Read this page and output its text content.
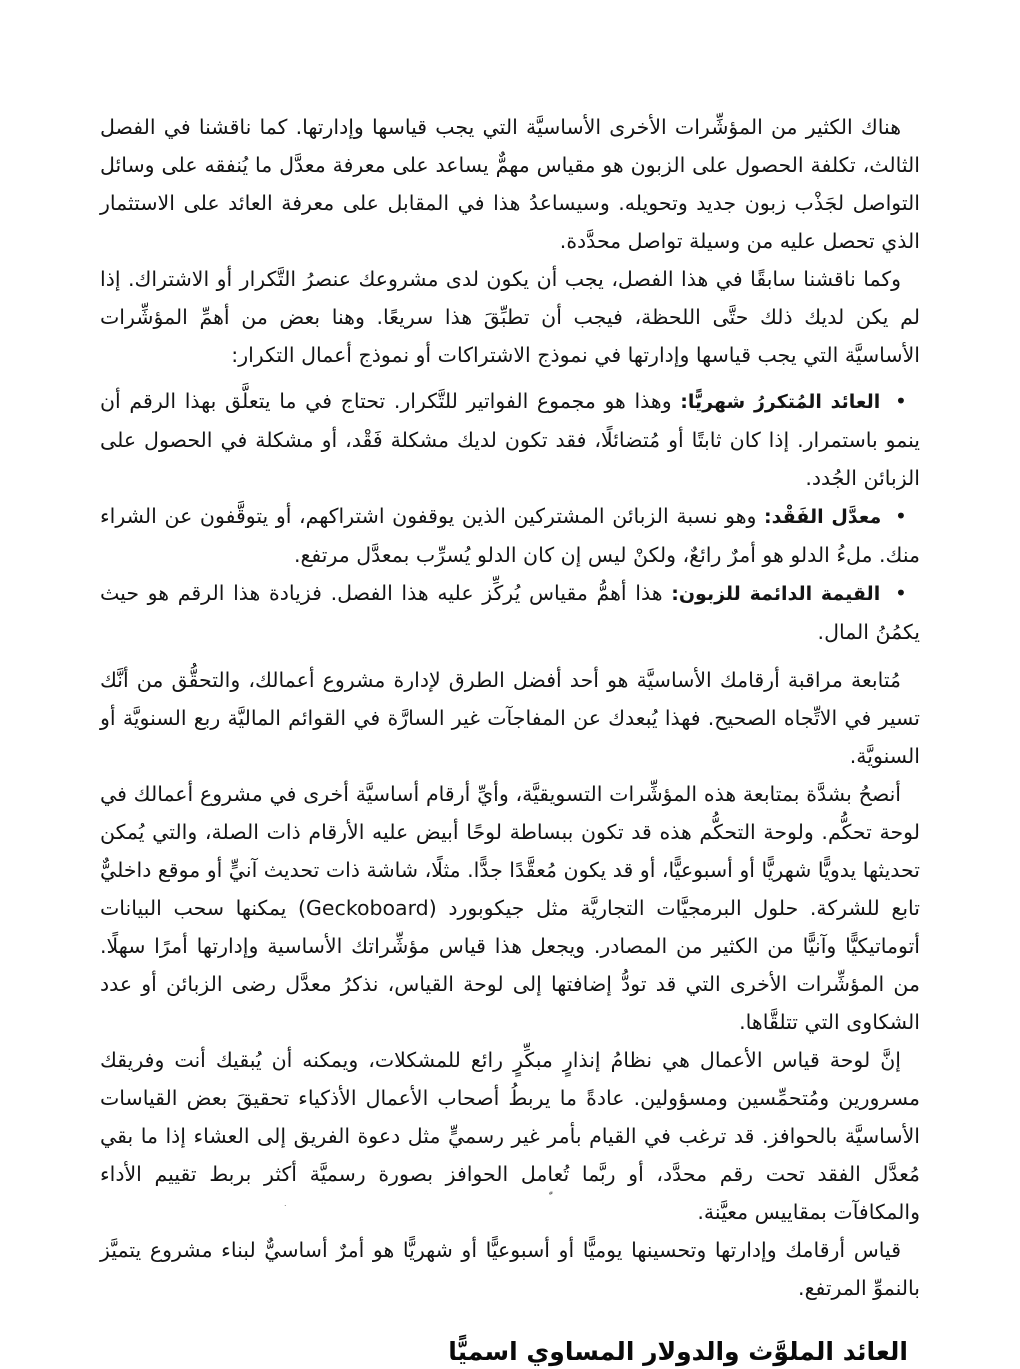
هناك الكثير من المؤشِّرات الأخرى الأساسيَّة التي يجب قياسها وإدارتها. كما ناقشنا في الفصل الثالث، تكلفة الحصول على الزبون هو مقياس مهمٌّ يساعد على معرفة معدَّل ما يُنفقه على وسائل التواصل لجَذْب زبون جديد وتحويله. وسيساعدُ هذا في المقابل على معرفة العائد على الاستثمار الذي تحصل عليه من وسيلة تواصل محدَّدة.

وكما ناقشنا سابقًا في هذا الفصل، يجب أن يكون لدى مشروعك عنصرُ التَّكرار أو الاشتراك. إذا لم يكن لديك ذلك حتَّى اللحظة، فيجب أن تطبِّقَ هذا سريعًا. وهنا بعض من أهمِّ المؤشِّرات الأساسيَّة التي يجب قياسها وإدارتها في نموذج الاشتراكات أو نموذج أعمال التكرار:

• العائد المُتكررُ شهريًّا: وهذا هو مجموع الفواتير للتَّكرار. تحتاج في ما يتعلَّق بهذا الرقم أن ينمو باستمرار. إذا كان ثابتًا أو مُتضائلًا، فقد تكون لديك مشكلة فَقْد، أو مشكلة في الحصول على الزبائن الجُدد.
• معدَّل الفَقْد: وهو نسبة الزبائن المشتركين الذين يوقفون اشتراكهم، أو يتوقَّفون عن الشراء منك. ملءُ الدلو هو أمرٌ رائعٌ، ولكنْ ليس إن كان الدلو يُسرِّب بمعدَّل مرتفع.
• القيمة الدائمة للزبون: هذا أهمُّ مقياس يُركِّز عليه هذا الفصل. فزيادة هذا الرقم هو حيث يكمُنُ المال.

مُتابعة مراقبة أرقامك الأساسيَّة هو أحد أفضل الطرق لإدارة مشروع أعمالك، والتحقُّق من أنَّك تسير في الاتِّجاه الصحيح. فهذا يُبعدك عن المفاجآت غير السارَّة في القوائم الماليَّة ربع السنويَّة أو السنويَّة.

أنصحُ بشدَّة بمتابعة هذه المؤشِّرات التسويقيَّة، وأيِّ أرقام أساسيَّة أخرى في مشروع أعمالك في لوحة تحكُّم. ولوحة التحكُّم هذه قد تكون ببساطة لوحًا أبيض عليه الأرقام ذات الصلة، والتي يُمكن تحديثها يدويًّا شهريًّا أو أسبوعيًّا، أو قد يكون مُعقَّدًا جدًّا. مثلًا، شاشة ذات تحديث آنيٍّ أو موقع داخليٌّ تابع للشركة. حلول البرمجيَّات التجاريَّة مثل جيكوبورد (Geckoboard) يمكنها سحب البيانات أتوماتيكيًّا وآنيًّا من الكثير من المصادر. ويجعل هذا قياس مؤشِّراتك الأساسية وإدارتها أمرًا سهلًا. من المؤشِّرات الأخرى التي قد تودُّ إضافتها إلى لوحة القياس، نذكرُ معدَّل رضى الزبائن أو عدد الشكاوى التي تتلقَّاها.

إنَّ لوحة قياس الأعمال هي نظامُ إنذارٍ مبكِّرٍ رائع للمشكلات، ويمكنه أن يُبقيك أنت وفريقك مسرورين ومُتحمِّسين ومسؤولين. عادةً ما يربطُ أصحاب الأعمال الأذكياء تحقيقَ بعض القياسات الأساسيَّة بالحوافز. قد ترغب في القيام بأمر غير رسميٍّ مثل دعوة الفريق إلى العشاء إذا ما بقي مُعدَّل الفقد تحت رقم محدَّد، أو ربَّما تُعامل الحوافز بصورة رسميَّة أكثر بربط تقييم الأداء والمكافآت بمقاييس معيَّنة.

قياس أرقامك وإدارتها وتحسينها يوميًّا أو أسبوعيًّا أو شهريًّا هو أمرٌ أساسيٌّ لبناء مشروع يتميَّز بالنموِّ المرتفع.

العائد الملوَّث والدولار المساوي اسميًّا
.
